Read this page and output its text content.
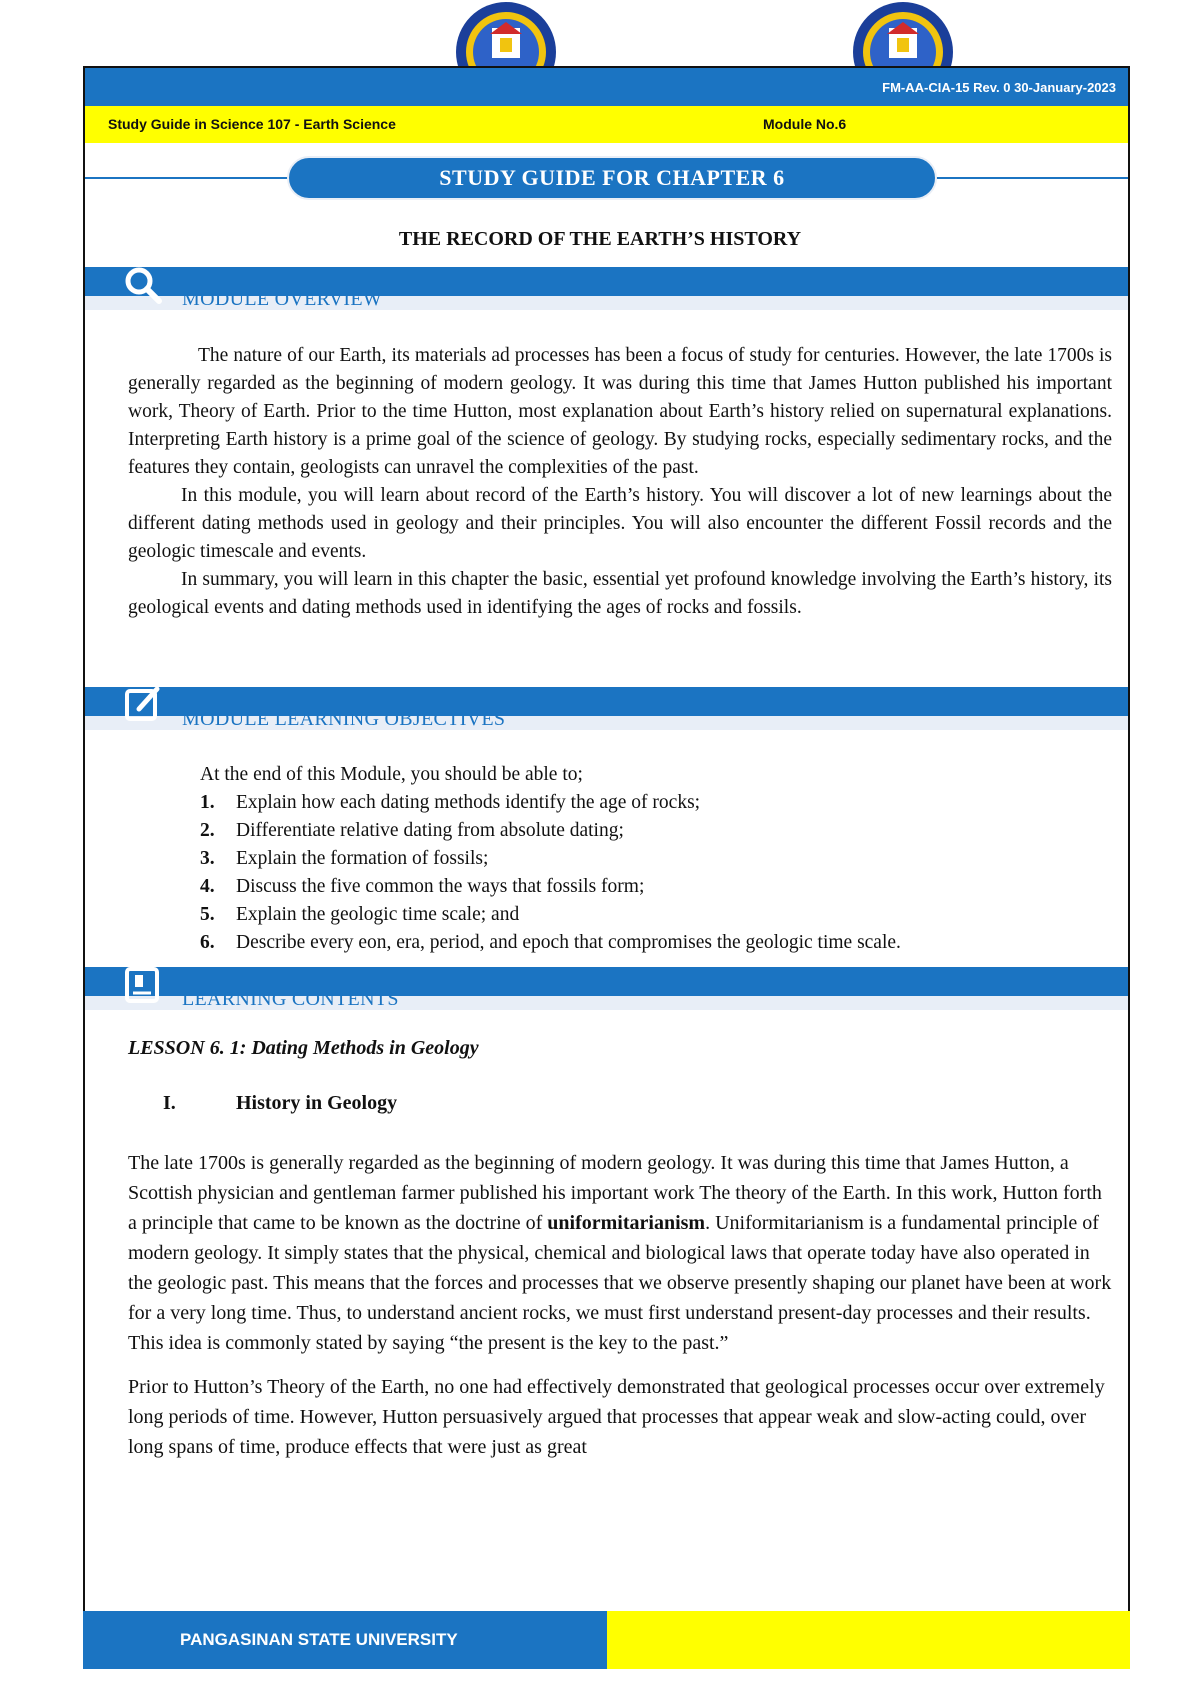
FM-AA-CIA-15 Rev. 0 30-January-2023
Study Guide in Science 107 - Earth Science	Module No.6
STUDY GUIDE FOR CHAPTER 6
THE RECORD OF THE EARTH’S HISTORY
MODULE OVERVIEW

The nature of our Earth, its materials ad processes has been a focus of study for centuries. However, the late 1700s is generally regarded as the beginning of modern geology. It was during this time that James Hutton published his important work, Theory of Earth. Prior to the time Hutton, most explanation about Earth’s history relied on supernatural explanations. Interpreting Earth history is a prime goal of the science of geology. By studying rocks, especially sedimentary rocks, and the features they contain, geologists can unravel the complexities of the past.

In this module, you will learn about record of the Earth’s history. You will discover a lot of new learnings about the different dating methods used in geology and their principles. You will also encounter the different Fossil records and the geologic timescale and events.

In summary, you will learn in this chapter the basic, essential yet profound knowledge involving the Earth’s history, its geological events and dating methods used in identifying the ages of rocks and fossils.

MODULE LEARNING OBJECTIVES

At the end of this Module, you should be able to;

1. Explain how each dating methods identify the age of rocks;
2. Differentiate relative dating from absolute dating;
3. Explain the formation of fossils;
4. Discuss the five common the ways that fossils form;
5. Explain the geologic time scale; and
6. Describe every eon, era, period, and epoch that compromises the geologic time scale.
LEARNING CONTENTS
LESSON 6. 1: Dating Methods in Geology
I.	History in Geology

The late 1700s is generally regarded as the beginning of modern geology. It was during this time that James Hutton, a Scottish physician and gentleman farmer published his important work The theory of the Earth. In this work, Hutton forth a principle that came to be known as the doctrine of uniformitarianism. Uniformitarianism is a fundamental principle of modern geology. It simply states that the physical, chemical and biological laws that operate today have also operated in the geologic past. This means that the forces and processes that we observe presently shaping our planet have been at work for a very long time. Thus, to understand ancient rocks, we must first understand present-day processes and their results. This idea is commonly stated by saying “the present is the key to the past.”

Prior to Hutton’s Theory of the Earth, no one had effectively demonstrated that geological processes occur over extremely long periods of time. However, Hutton persuasively argued that processes that appear weak and slow-acting could, over long spans of time, produce effects that were just as great

PANGASINAN STATE UNIVERSITY
